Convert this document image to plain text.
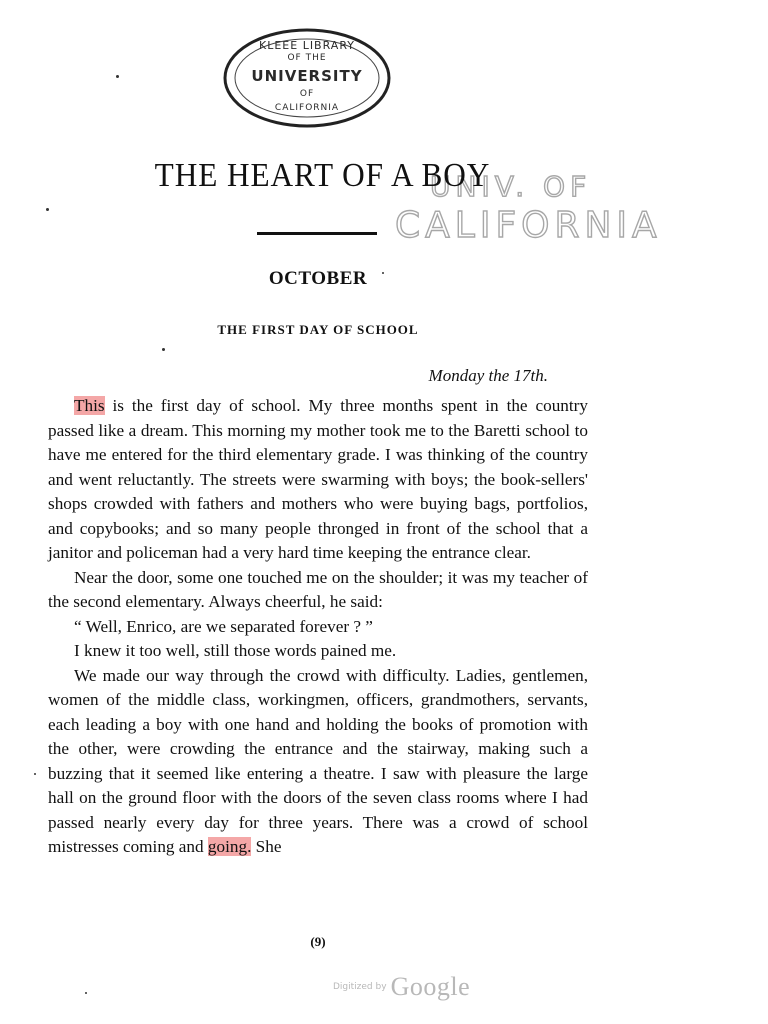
KLEEE LIBRARY
OF THE
UNIVERSITY
OF
CALIFORNIA
UNIV. OF
CALIFORNIA
THE HEART OF A BOY
OCTOBER
THE FIRST DAY OF SCHOOL

Monday the 17th.

This is the first day of school. My three months spent in the country passed like a dream. This morning my mother took me to the Baretti school to have me entered for the third elementary grade. I was thinking of the country and went reluctantly. The streets were swarming with boys; the book-sellers' shops crowded with fathers and mothers who were buying bags, portfolios, and copybooks; and so many people thronged in front of the school that a janitor and policeman had a very hard time keeping the entrance clear.

Near the door, some one touched me on the shoulder; it was my teacher of the second elementary. Always cheerful, he said:

“ Well, Enrico, are we separated forever ? ”

I knew it too well, still those words pained me.

We made our way through the crowd with difficulty. Ladies, gentlemen, women of the middle class, workingmen, officers, grandmothers, servants, each leading a boy with one hand and holding the books of promotion with the other, were crowding the entrance and the stairway, making such a buzzing that it seemed like entering a theatre. I saw with pleasure the large hall on the ground floor with the doors of the seven class rooms where I had passed nearly every day for three years. There was a crowd of school mistresses coming and going. She

(9)
Digitized by Google
